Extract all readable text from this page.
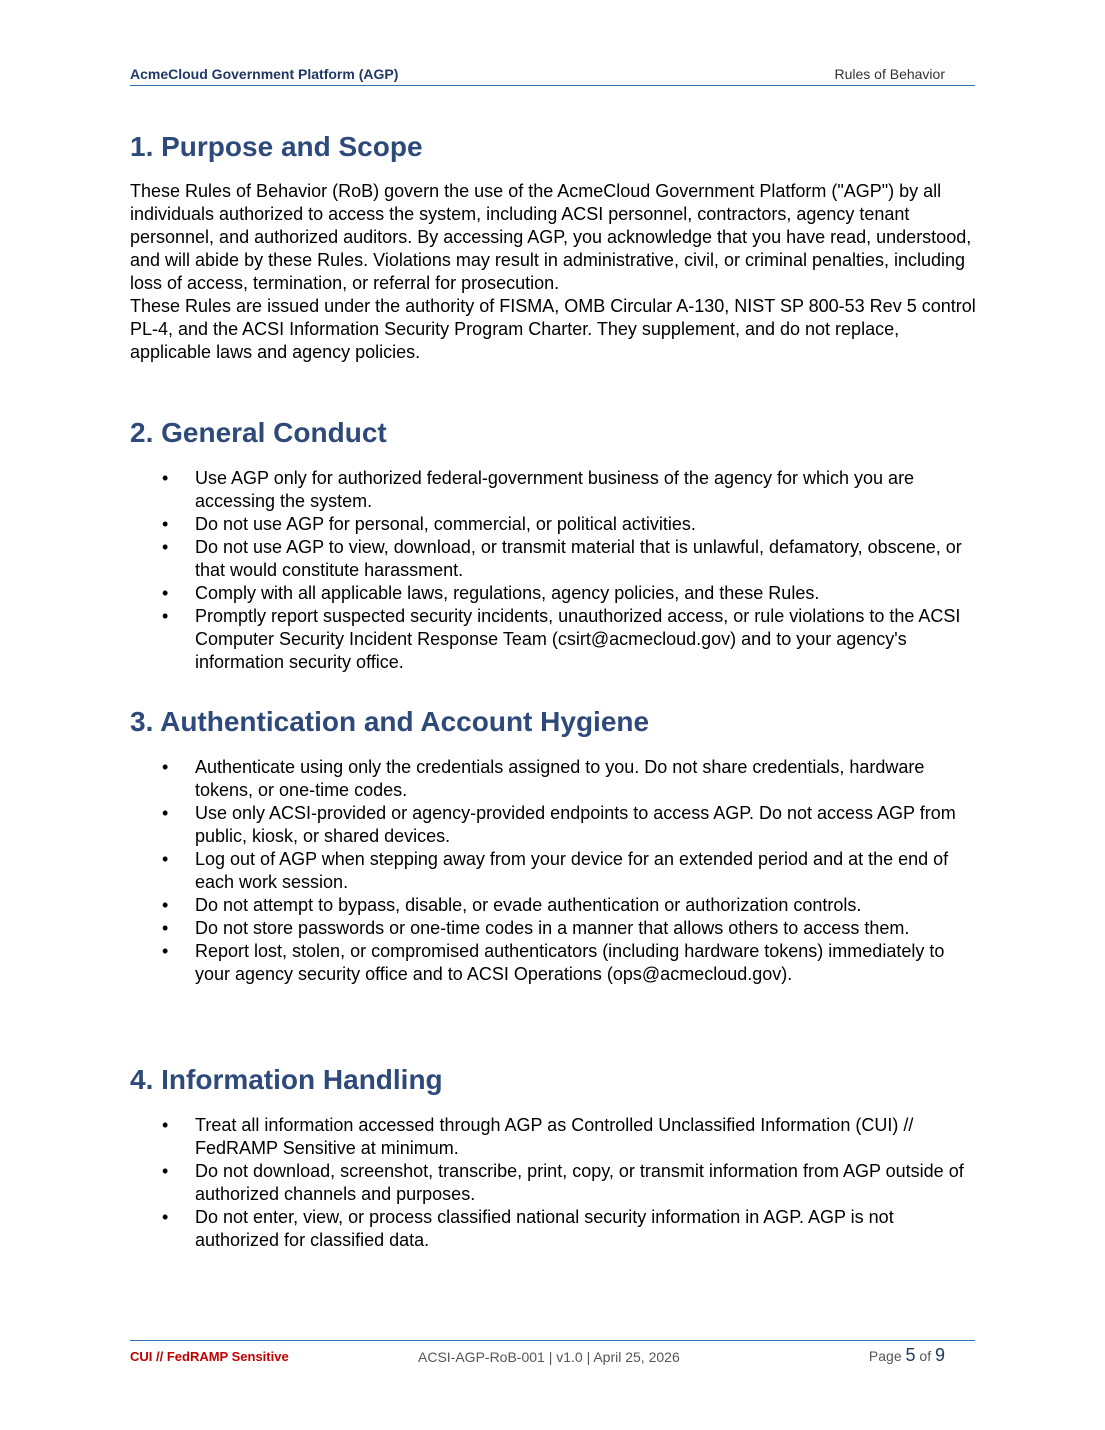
AcmeCloud Government Platform (AGP)	Rules of Behavior
1. Purpose and Scope

These Rules of Behavior (RoB) govern the use of the AcmeCloud Government Platform ("AGP") by all individuals authorized to access the system, including ACSI personnel, contractors, agency tenant personnel, and authorized auditors. By accessing AGP, you acknowledge that you have read, understood, and will abide by these Rules. Violations may result in administrative, civil, or criminal penalties, including loss of access, termination, or referral for prosecution.

These Rules are issued under the authority of FISMA, OMB Circular A-130, NIST SP 800-53 Rev 5 control PL-4, and the ACSI Information Security Program Charter. They supplement, and do not replace, applicable laws and agency policies.

2. General Conduct
• Use AGP only for authorized federal-government business of the agency for which you are accessing the system.
• Do not use AGP for personal, commercial, or political activities.
• Do not use AGP to view, download, or transmit material that is unlawful, defamatory, obscene, or that would constitute harassment.
• Comply with all applicable laws, regulations, agency policies, and these Rules.
• Promptly report suspected security incidents, unauthorized access, or rule violations to the ACSI Computer Security Incident Response Team (csirt@acmecloud.gov) and to your agency's information security office.
3. Authentication and Account Hygiene
• Authenticate using only the credentials assigned to you. Do not share credentials, hardware tokens, or one-time codes.
• Use only ACSI-provided or agency-provided endpoints to access AGP. Do not access AGP from public, kiosk, or shared devices.
• Log out of AGP when stepping away from your device for an extended period and at the end of each work session.
• Do not attempt to bypass, disable, or evade authentication or authorization controls.
• Do not store passwords or one-time codes in a manner that allows others to access them.
• Report lost, stolen, or compromised authenticators (including hardware tokens) immediately to your agency security office and to ACSI Operations (ops@acmecloud.gov).
4. Information Handling
• Treat all information accessed through AGP as Controlled Unclassified Information (CUI) // FedRAMP Sensitive at minimum.
• Do not download, screenshot, transcribe, print, copy, or transmit information from AGP outside of authorized channels and purposes.
• Do not enter, view, or process classified national security information in AGP. AGP is not authorized for classified data.
CUI // FedRAMP Sensitive	ACSI-AGP-RoB-001 | v1.0 | April 25, 2026	Page 5 of 9
